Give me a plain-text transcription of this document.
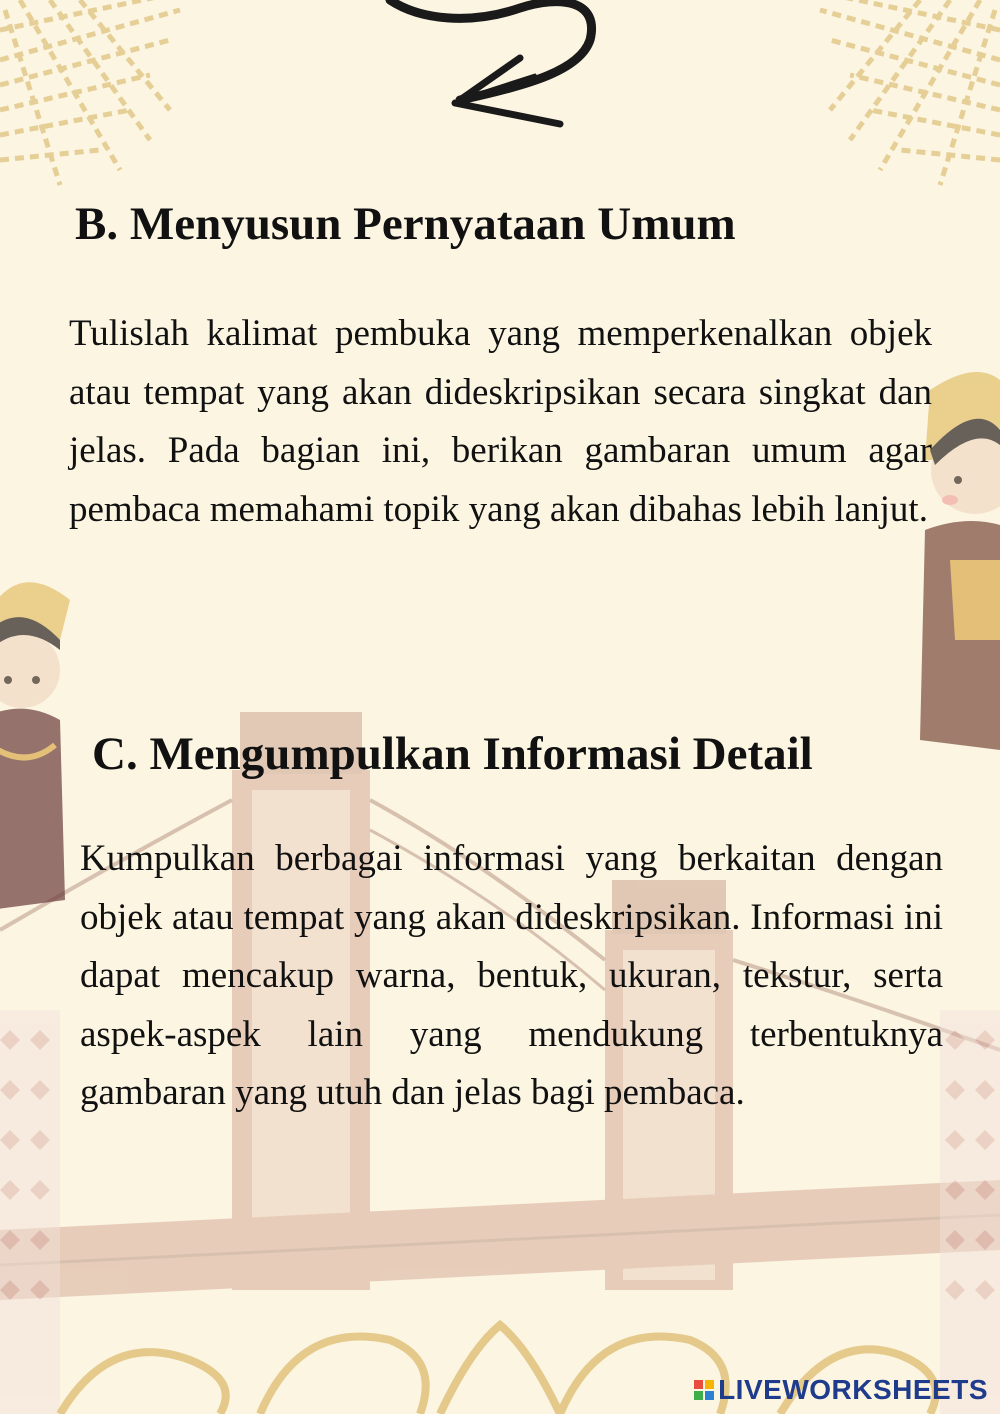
B. Menyusun Pernyataan Umum

Tulislah kalimat pembuka yang memperkenalkan objek atau tempat yang akan dideskripsikan secara singkat dan jelas. Pada bagian ini, berikan gambaran umum agar pembaca memahami topik yang akan dibahas lebih lanjut.

C. Mengumpulkan Informasi Detail

Kumpulkan berbagai informasi yang berkaitan dengan objek atau tempat yang akan dideskripsikan. Informasi ini dapat mencakup warna, bentuk, ukuran, tekstur, serta aspek-aspek lain yang mendukung terbentuknya gambaran yang utuh dan jelas bagi pembaca.

LIVEWORKSHEETS
